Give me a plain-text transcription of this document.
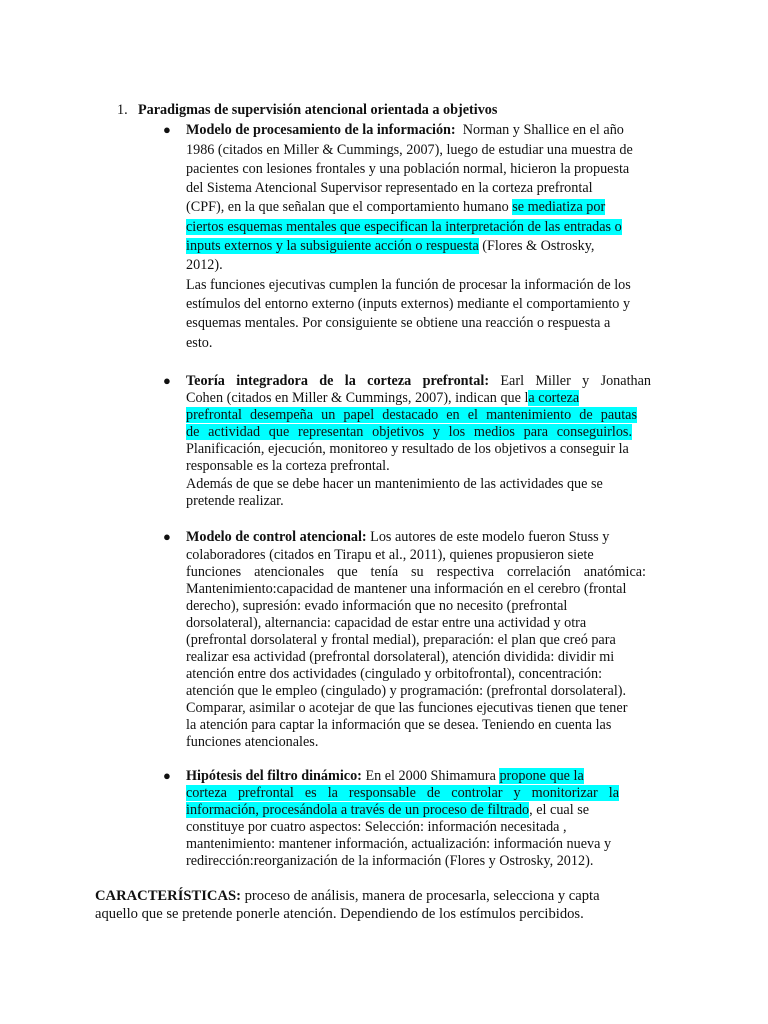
1. Paradigmas de supervisión atencional orientada a objetivos
● Modelo de procesamiento de la información: Norman y Shallice en el año
1986 (citados en Miller & Cummings, 2007), luego de estudiar una muestra de
pacientes con lesiones frontales y una población normal, hicieron la propuesta
del Sistema Atencional Supervisor representado en la corteza prefrontal
(CPF), en la que señalan que el comportamiento humano se mediatiza por
ciertos esquemas mentales que especifican la interpretación de las entradas o
inputs externos y la subsiguiente acción o respuesta (Flores & Ostrosky,
2012).
Las funciones ejecutivas cumplen la función de procesar la información de los
estímulos del entorno externo (inputs externos) mediante el comportamiento y
esquemas mentales. Por consiguiente se obtiene una reacción o respuesta a
esto.
● Teoría integradora de la corteza prefrontal: Earl Miller y Jonathan
Cohen (citados en Miller & Cummings, 2007), indican que la corteza
prefrontal desempeña un papel destacado en el mantenimiento de pautas
de actividad que representan objetivos y los medios para conseguirlos.
Planificación, ejecución, monitoreo y resultado de los objetivos a conseguir la
responsable es la corteza prefrontal.
Además de que se debe hacer un mantenimiento de las actividades que se
pretende realizar.
● Modelo de control atencional: Los autores de este modelo fueron Stuss y
colaboradores (citados en Tirapu et al., 2011), quienes propusieron siete
funciones atencionales que tenía su respectiva correlación anatómica:
Mantenimiento:capacidad de mantener una información en el cerebro (frontal
derecho), supresión: evado información que no necesito (prefrontal
dorsolateral), alternancia: capacidad de estar entre una actividad y otra
(prefrontal dorsolateral y frontal medial), preparación: el plan que creó para
realizar esa actividad (prefrontal dorsolateral), atención dividida: dividir mi
atención entre dos actividades (cingulado y orbitofrontal), concentración:
atención que le empleo (cingulado) y programación: (prefrontal dorsolateral).
Comparar, asimilar o acotejar de que las funciones ejecutivas tienen que tener
la atención para captar la información que se desea. Teniendo en cuenta las
funciones atencionales.
● Hipótesis del filtro dinámico: En el 2000 Shimamura propone que la
corteza prefrontal es la responsable de controlar y monitorizar la
información, procesándola a través de un proceso de filtrado, el cual se
constituye por cuatro aspectos: Selección: información necesitada ,
mantenimiento: mantener información, actualización: información nueva y
redirección:reorganización de la información (Flores y Ostrosky, 2012).
CARACTERÍSTICAS: proceso de análisis, manera de procesarla, selecciona y capta
aquello que se pretende ponerle atención. Dependiendo de los estímulos percibidos.
